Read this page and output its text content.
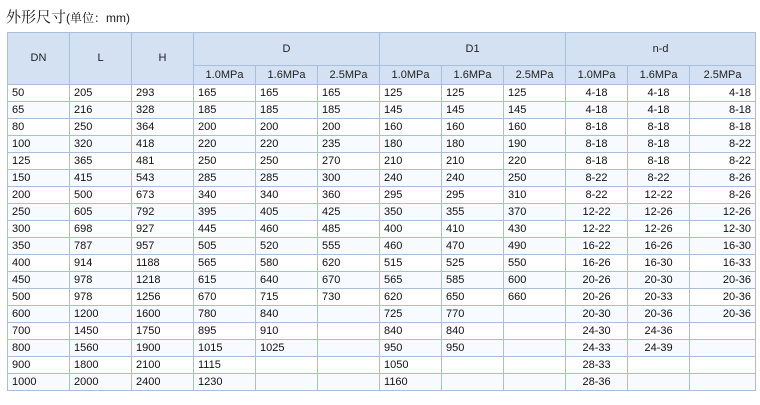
外形尺寸(单位：mm)
DN	L	H	D			D1			n-d		
			1.0MPa	1.6MPa	2.5MPa	1.0MPa	1.6MPa	2.5MPa	1.0MPa	1.6MPa	2.5MPa
50	205	293	165	165	165	125	125	125	4-18	4-18	4-18
65	216	328	185	185	185	145	145	145	4-18	4-18	8-18
80	250	364	200	200	200	160	160	160	8-18	8-18	8-18
100	320	418	220	220	235	180	180	190	8-18	8-18	8-22
125	365	481	250	250	270	210	210	220	8-18	8-18	8-22
150	415	543	285	285	300	240	240	250	8-22	8-22	8-26
200	500	673	340	340	360	295	295	310	8-22	12-22	8-26
250	605	792	395	405	425	350	355	370	12-22	12-26	12-26
300	698	927	445	460	485	400	410	430	12-22	12-26	12-30
350	787	957	505	520	555	460	470	490	16-22	16-26	16-30
400	914	1188	565	580	620	515	525	550	16-26	16-30	16-33
450	978	1218	615	640	670	565	585	600	20-26	20-30	20-36
500	978	1256	670	715	730	620	650	660	20-26	20-33	20-36
600	1200	1600	780	840		725	770		20-30	20-36	20-36
700	1450	1750	895	910		840	840		24-30	24-36	
800	1560	1900	1015	1025		950	950		24-33	24-39	
900	1800	2100	1115			1050			28-33		
1000	2000	2400	1230			1160			28-36		
